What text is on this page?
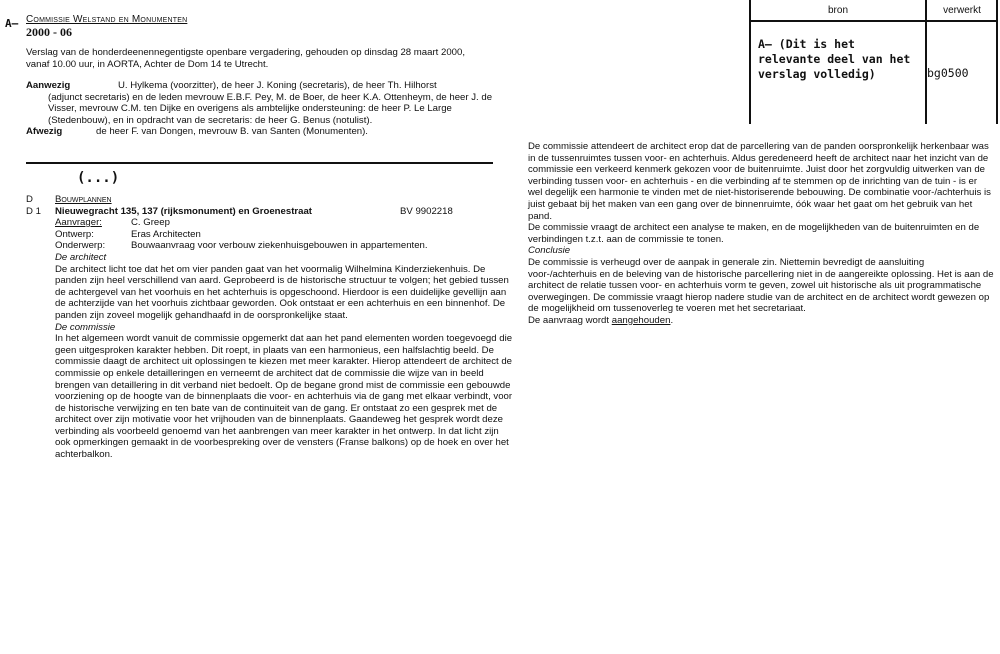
A— Commissie Welstand en Monumenten
2000 - 06

Verslag van de honderdeenennegentigste openbare vergadering, gehouden op dinsdag 28 maart 2000, vanaf 10.00 uur, in AORTA, Achter de Dom 14 te Utrecht.

Aanwezig	U. Hylkema (voorzitter), de heer J. Koning (secretaris), de heer Th. Hilhorst

(adjunct secretaris) en de leden mevrouw E.B.F. Pey, M. de Boer, de heer K.A. Ottenheym, de heer J. de Visser, mevrouw C.M. ten Dijke en overigens als ambtelijke ondersteuning: de heer P. Le Large (Stedenbouw), en in opdracht van de secretaris: de heer G. Benus (notulist).

Afwezig	de heer F. van Dongen, mevrouw B. van Santen (Monumenten).
(...)
D	Bouwplannen
D 1	Nieuwegracht 135, 137 (rijksmonument) en Groenestraat	BV 9902218
Aanvrager:	C. Greep
Ontwerp:	Eras Architecten
Onderwerp:	Bouwaanvraag voor verbouw ziekenhuisgebouwen in appartementen.

De architect

De architect licht toe dat het om vier panden gaat van het voormalig Wilhelmina Kinderziekenhuis. De panden zijn heel verschillend van aard. Geprobeerd is de historische structuur te volgen; het gebied tussen de achtergevel van het voorhuis en het achterhuis is opgeschoond. Hierdoor is een duidelijke gevellijn aan de achterzijde van het voorhuis zichtbaar geworden. Ook ontstaat er een achterhuis en een binnenhof. De panden zijn zoveel mogelijk gehandhaafd in de oorspronkelijke staat.

De commissie

In het algemeen wordt vanuit de commissie opgemerkt dat aan het pand elementen worden toegevoegd die geen uitgesproken karakter hebben. Dit roept, in plaats van een harmonieus, een halfslachtig beeld. De commissie daagt de architect uit oplossingen te kiezen met meer karakter. Hierop attendeert de architect de commissie op enkele detailleringen en verneemt de architect dat de commissie die wijze van in beeld brengen van detaillering in dit verband niet bedoelt. Op de begane grond mist de commissie een gebouwde voorziening op de hoogte van de binnenplaats die voor- en achterhuis via de gang met elkaar verbindt, voor de historische verwijzing en ten bate van de continuiteit van de gang. Er ontstaat zo een gesprek met de architect over zijn motivatie voor het vrijhouden van de binnenplaats. Gaandeweg het gesprek wordt deze verbinding als voorbeeld genoemd van het aanbrengen van meer karakter in het ontwerp. In dat licht zijn ook opmerkingen gemaakt in de voorbespreking over de vensters (Franse balkons) op de hoek en over het achterbalkon.

De commissie attendeert de architect erop dat de parcellering van de panden oorspronkelijk herkenbaar was in de tussenruimtes tussen voor- en achterhuis. Aldus geredeneerd heeft de architect naar het inzicht van de commissie een verkeerd kenmerk gekozen voor de buitenruimte. Juist door het zorgvuldig uitwerken van de verbinding tussen voor- en achterhuis - en die verbinding af te stemmen op de inrichting van de tuin - is er wel degelijk een harmonie te vinden met de niet-historiserende bebouwing. De combinatie voor-/achterhuis is juist gebaat bij het maken van een gang over de binnenruimte, óók waar het gaat om het gebruik van het pand.

De commissie vraagt de architect een analyse te maken, en de mogelijkheden van de buitenruimten en de verbindingen t.z.t. aan de commissie te tonen.

Conclusie

De commissie is verheugd over de aanpak in generale zin. Niettemin bevredigt de aansluiting voor-/achterhuis en de beleving van de historische parcellering niet in de aangereikte oplossing. Het is aan de architect de relatie tussen voor- en achterhuis vorm te geven, zowel uit historische als uit programmatische overwegingen. De commissie vraagt hierop nadere studie van de architect en de architect wordt gewezen op de mogelijkheid om tussenoverleg te voeren met het secretariaat.

De aanvraag wordt aangehouden.

bron	verwerkt
A— (Dit is het relevante deel van het verslag volledig)	bg0500
